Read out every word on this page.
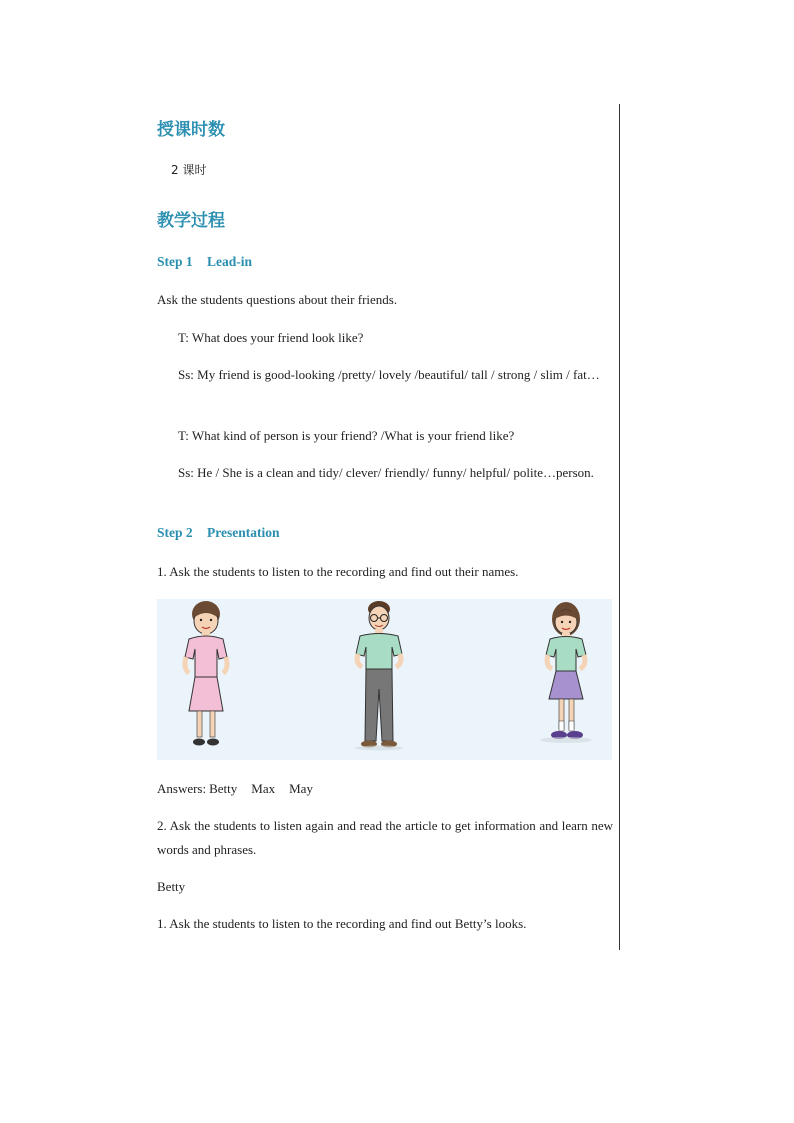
授课时数
2 课时
教学过程
Step 1 Lead-in
Ask the students questions about their friends.
T: What does your friend look like?
Ss: My friend is good-looking /pretty/ lovely /beautiful/ tall / strong / slim / fat…
T: What kind of person is your friend? /What is your friend like?
Ss: He / She is a clean and tidy/ clever/ friendly/ funny/ helpful/ polite…person.
Step 2 Presentation
1. Ask the students to listen to the recording and find out their names.
Answers: Betty Max May
2. Ask the students to listen again and read the article to get information and learn new words and phrases.
Betty
1. Ask the students to listen to the recording and find out Betty’s looks.
